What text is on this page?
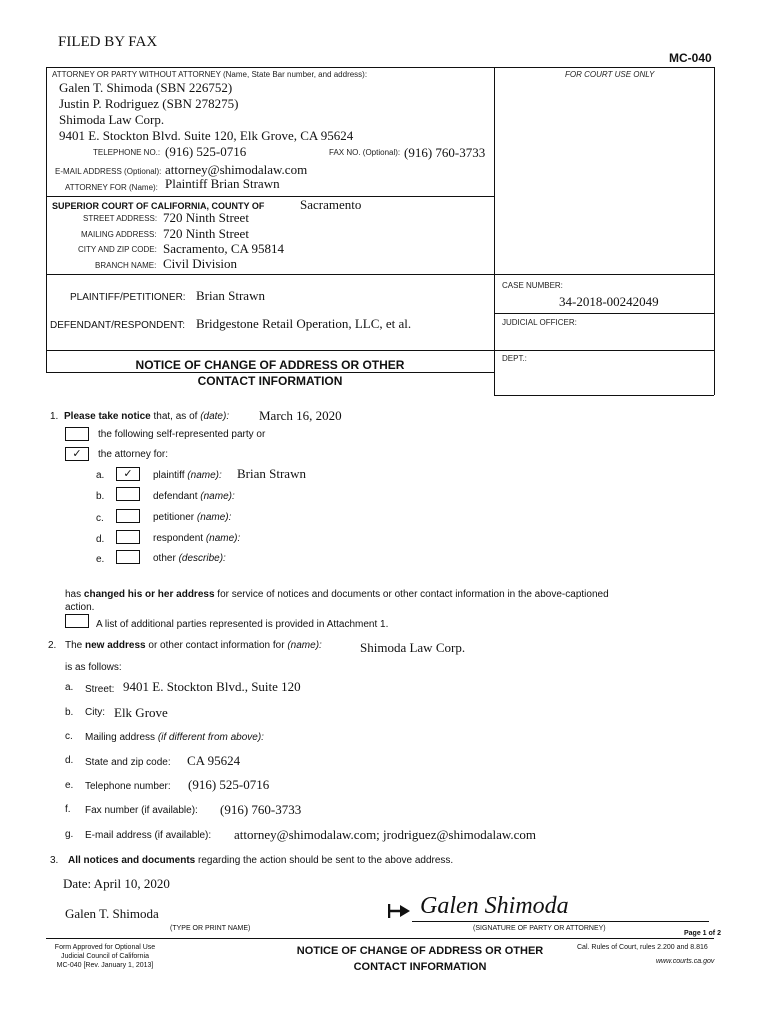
FILED BY FAX
MC-040
ATTORNEY OR PARTY WITHOUT ATTORNEY (Name, State Bar number, and address):
Galen T. Shimoda (SBN 226752)
Justin P. Rodriguez (SBN 278275)
Shimoda Law Corp.
9401 E. Stockton Blvd. Suite 120, Elk Grove, CA 95624
TELEPHONE NO.: (916) 525-0716	FAX NO. (Optional): (916) 760-3733
E-MAIL ADDRESS (Optional): attorney@shimodalaw.com
ATTORNEY FOR (Name): Plaintiff Brian Strawn
FOR COURT USE ONLY
SUPERIOR COURT OF CALIFORNIA, COUNTY OF	Sacramento
STREET ADDRESS: 720 Ninth Street
MAILING ADDRESS: 720 Ninth Street
CITY AND ZIP CODE: Sacramento, CA 95814
BRANCH NAME: Civil Division
PLAINTIFF/PETITIONER: Brian Strawn
DEFENDANT/RESPONDENT: Bridgestone Retail Operation, LLC, et al.
CASE NUMBER:
34-2018-00242049
JUDICIAL OFFICER:
DEPT.:
NOTICE OF CHANGE OF ADDRESS OR OTHER
CONTACT INFORMATION
1. Please take notice that, as of (date): March 16, 2020
the following self-represented party or
✓	the attorney for:
a.	✓	plaintiff (name): Brian Strawn
b.	defendant (name):
c.	petitioner (name):
d.	respondent (name):
e.	other (describe):
has changed his or her address for service of notices and documents or other contact information in the above-captioned
action.
A list of additional parties represented is provided in Attachment 1.
2. The new address or other contact information for (name):	Shimoda Law Corp.
is as follows:
a. Street: 9401 E. Stockton Blvd., Suite 120
b. City: Elk Grove
c. Mailing address (if different from above):
d. State and zip code: CA 95624
e. Telephone number: (916) 525-0716
f. Fax number (if available): (916) 760-3733
g. E-mail address (if available): attorney@shimodalaw.com; jrodriguez@shimodalaw.com
3. All notices and documents regarding the action should be sent to the above address.
Date: April 10, 2020
Galen T. Shimoda
(TYPE OR PRINT NAME)
Galen Shimoda
(SIGNATURE OF PARTY OR ATTORNEY)
Page 1 of 2
Form Approved for Optional Use
Judicial Council of California
MC-040 [Rev. January 1, 2013]
NOTICE OF CHANGE OF ADDRESS OR OTHER
CONTACT INFORMATION
Cal. Rules of Court, rules 2.200 and 8.816
www.courts.ca.gov
